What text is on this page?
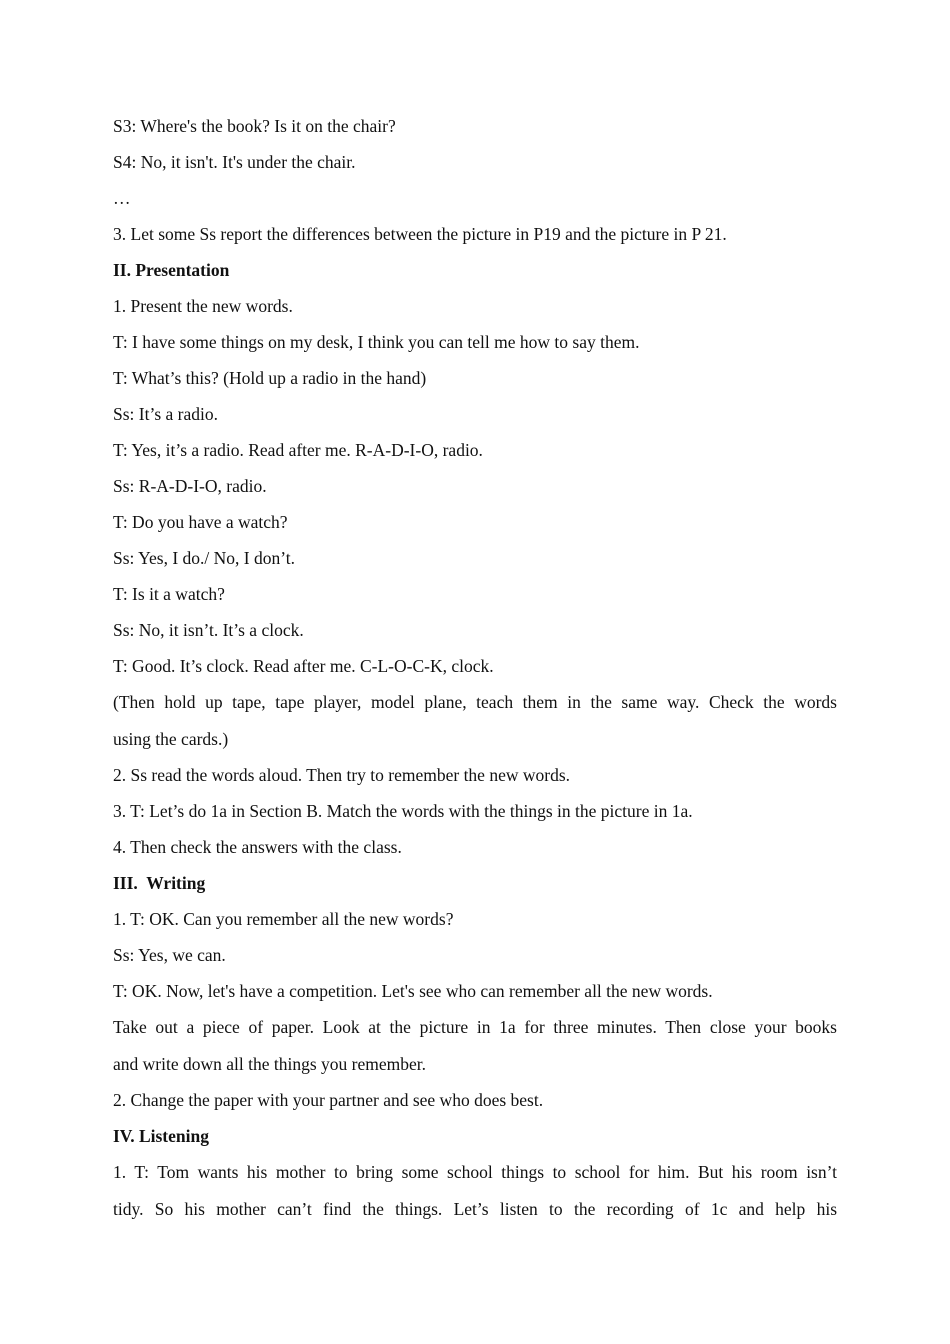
S3: Where's the book? Is it on the chair?
S4: No, it isn't. It's under the chair.
…
3. Let some Ss report the differences between the picture in P19 and the picture in P 21.
II. Presentation
1. Present the new words.
T: I have some things on my desk, I think you can tell me how to say them.
T: What’s this? (Hold up a radio in the hand)
Ss: It’s a radio.
T: Yes, it’s a radio. Read after me. R-A-D-I-O, radio.
Ss: R-A-D-I-O, radio.
T: Do you have a watch?
Ss: Yes, I do./ No, I don’t.
T: Is it a watch?
Ss: No, it isn’t. It’s a clock.
T: Good. It’s clock. Read after me. C-L-O-C-K, clock.
(Then hold up tape, tape player, model plane, teach them in the same way. Check the words
using the cards.)
2. Ss read the words aloud. Then try to remember the new words.
3. T: Let’s do 1a in Section B. Match the words with the things in the picture in 1a.
4. Then check the answers with the class.
III.  Writing
1. T: OK. Can you remember all the new words?
Ss: Yes, we can.
T: OK. Now, let's have a competition. Let's see who can remember all the new words.
Take out a piece of paper. Look at the picture in 1a for three minutes. Then close your books
and write down all the things you remember.
2. Change the paper with your partner and see who does best.
IV. Listening
1. T: Tom wants his mother to bring some school things to school for him. But his room isn’t
tidy. So his mother can’t find the things. Let’s listen to the recording of 1c and help his
